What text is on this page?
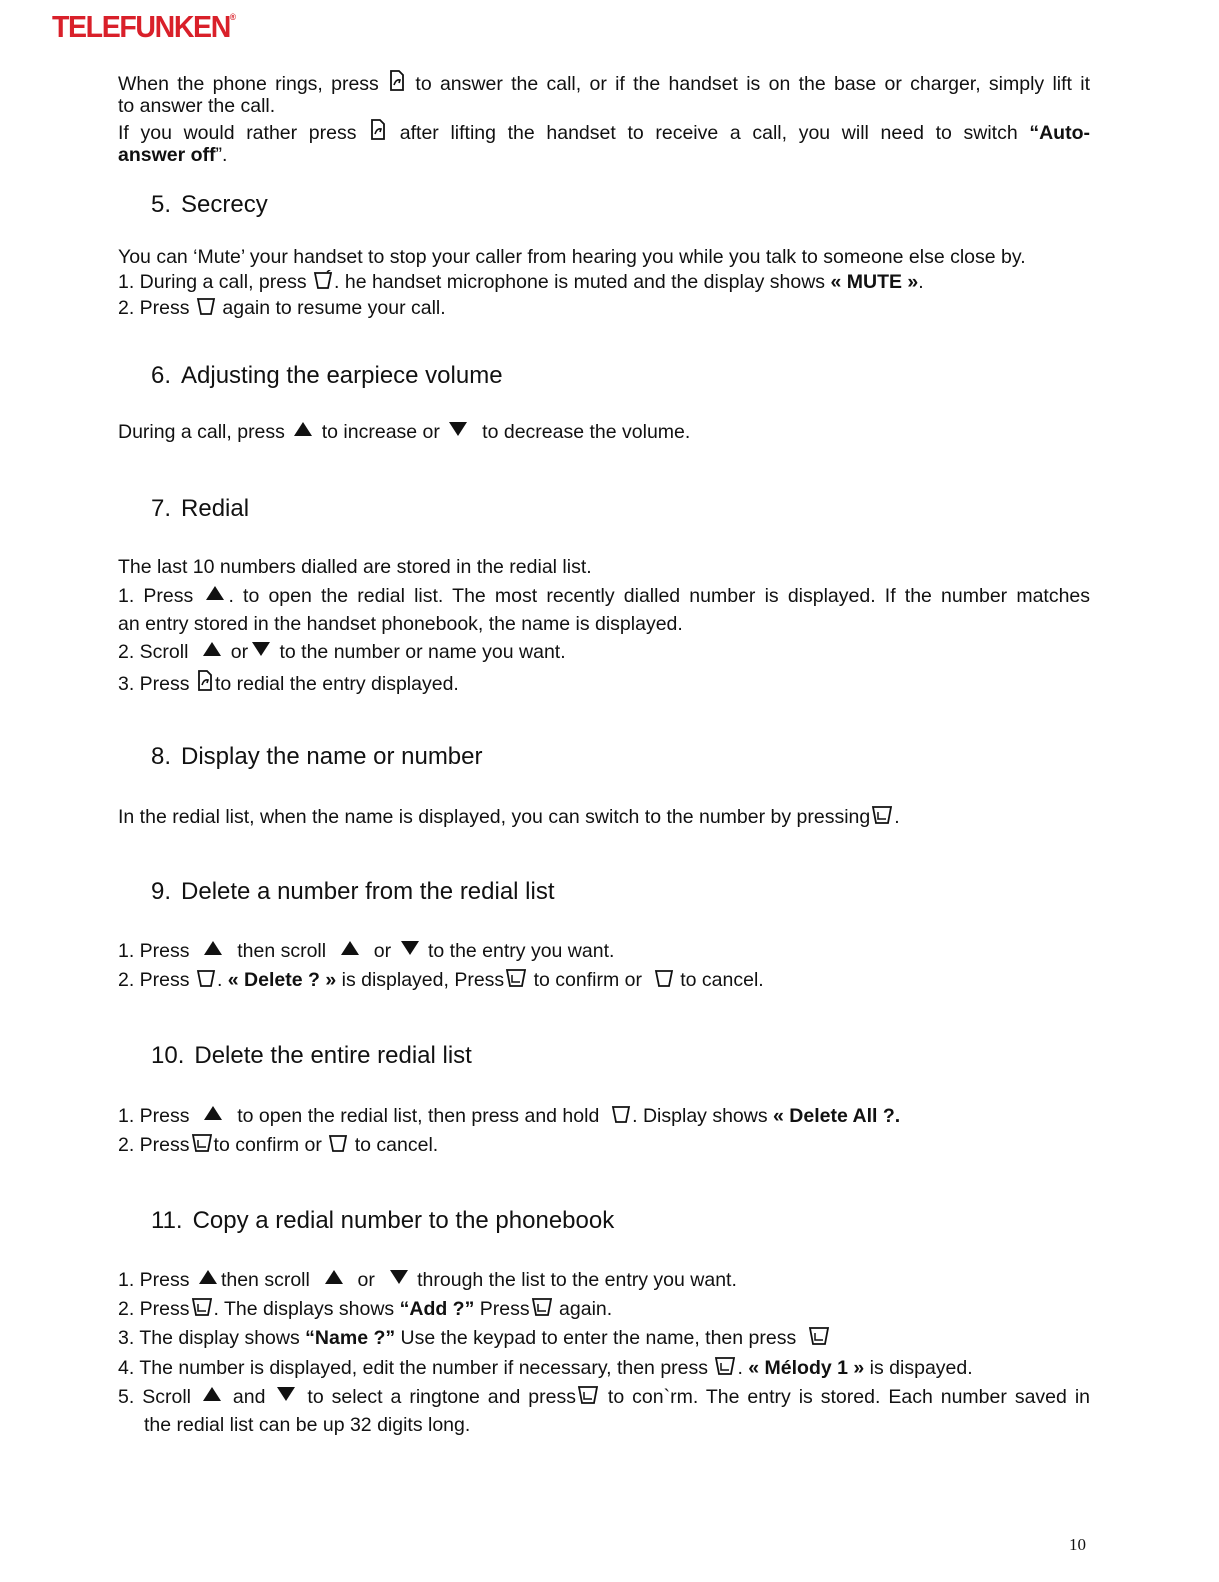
TELEFUNKEN®

When the phone rings, press to answer the call, or if the handset is on the base or charger, simply lift it

to answer the call.

If you would rather press after lifting the handset to receive a call, you will need to switch “Auto-

answer off”.

5. Secrecy

You can ‘Mute’ your handset to stop your caller from hearing you while you talk to someone else close by.

1. During a call, press . he handset microphone is muted and the display shows « MUTE ».

2. Press again to resume your call.

6. Adjusting the earpiece volume

During a call, press to increase or to decrease the volume.

7. Redial

The last 10 numbers dialled are stored in the redial list.

1. Press . to open the redial list. The most recently dialled number is displayed. If the number matches

an entry stored in the handset phonebook, the name is displayed.

2. Scroll or to the number or name you want.

3. Press to redial the entry displayed.

8. Display the name or number

In the redial list, when the name is displayed, you can switch to the number by pressing .

9. Delete a number from the redial list

1. Press then scroll or to the entry you want.

2. Press . « Delete ? » is displayed, Press to confirm or to cancel.

10. Delete the entire redial list

1. Press to open the redial list, then press and hold . Display shows « Delete All ?.

2. Press to confirm or to cancel.

11. Copy a redial number to the phonebook

1. Press then scroll or through the list to the entry you want.

2. Press . The displays shows “Add ?” Press again.

3. The display shows “Name ?” Use the keypad to enter the name, then press

4. The number is displayed, edit the number if necessary, then press . « Mélody 1 » is dispayed.

5. Scroll and to select a ringtone and press to con`rm. The entry is stored. Each number saved in

the redial list can be up 32 digits long.

10
